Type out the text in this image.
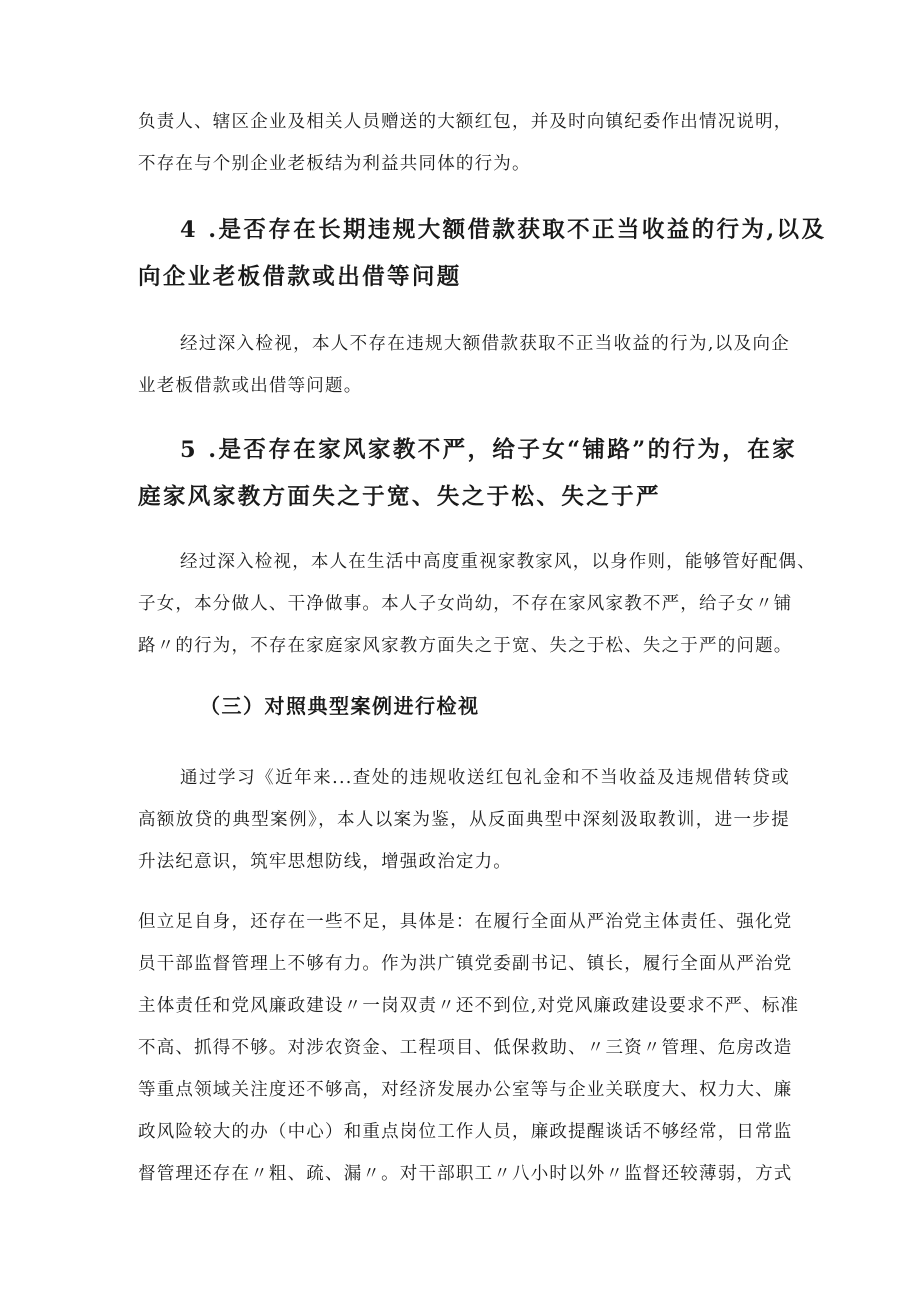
负责人、辖区企业及相关人员赠送的大额红包，并及时向镇纪委作出情况说明，
不存在与个别企业老板结为利益共同体的行为。
4 .是否存在长期违规大额借款获取不正当收益的行为,以及
向企业老板借款或出借等问题
经过深入检视，本人不存在违规大额借款获取不正当收益的行为,以及向企
业老板借款或出借等问题。
5 .是否存在家风家教不严，给子女“铺路”的行为，在家
庭家风家教方面失之于宽、失之于松、失之于严
经过深入检视，本人在生活中高度重视家教家风，以身作则，能够管好配偶、
子女，本分做人、干净做事。本人子女尚幼，不存在家风家教不严，给子女〃铺
路〃的行为，不存在家庭家风家教方面失之于宽、失之于松、失之于严的问题。
（三）对照典型案例进行检视
通过学习《近年来...查处的违规收送红包礼金和不当收益及违规借转贷或
高额放贷的典型案例》，本人以案为鉴，从反面典型中深刻汲取教训，进一步提
升法纪意识，筑牢思想防线，增强政治定力。
但立足自身，还存在一些不足，具体是：在履行全面从严治党主体责任、强化党
员干部监督管理上不够有力。作为洪广镇党委副书记、镇长，履行全面从严治党
主体责任和党风廉政建设〃一岗双责〃还不到位,对党风廉政建设要求不严、标准
不高、抓得不够。对涉农资金、工程项目、低保救助、〃三资〃管理、危房改造
等重点领域关注度还不够高，对经济发展办公室等与企业关联度大、权力大、廉
政风险较大的办（中心）和重点岗位工作人员，廉政提醒谈话不够经常，日常监
督管理还存在〃粗、疏、漏〃。对干部职工〃八小时以外〃监督还较薄弱，方式
